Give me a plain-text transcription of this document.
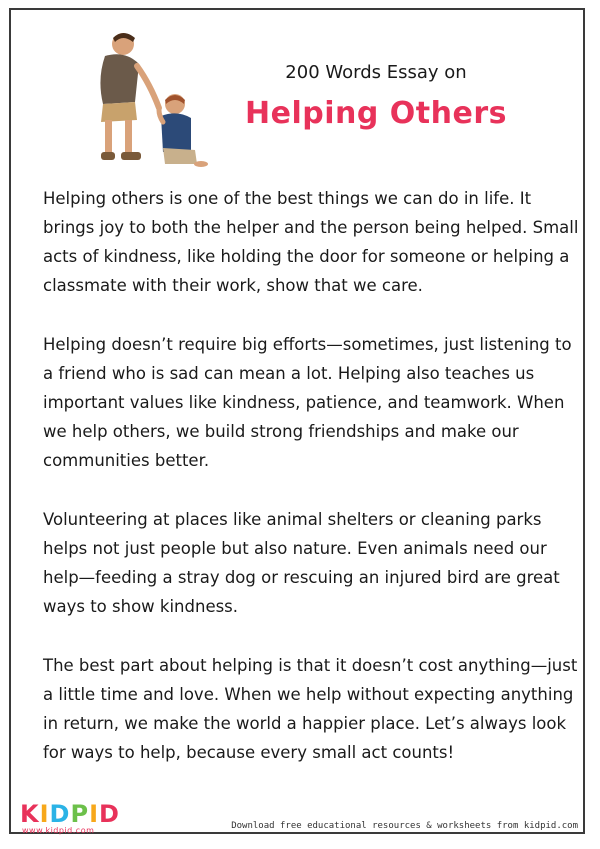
200 Words Essay on
Helping Others

Helping others is one of the best things we can do in life. It brings joy to both the helper and the person being helped. Small acts of kindness, like holding the door for someone or helping a classmate with their work, show that we care.

Helping doesn’t require big efforts—sometimes, just listening to a friend who is sad can mean a lot. Helping also teaches us important values like kindness, patience, and teamwork. When we help others, we build strong friendships and make our communities better.

Volunteering at places like animal shelters or cleaning parks helps not just people but also nature. Even animals need our help—feeding a stray dog or rescuing an injured bird are great ways to show kindness.

The best part about helping is that it doesn’t cost anything—just a little time and love. When we help without expecting anything in return, we make the world a happier place. Let’s always look for ways to help, because every small act counts!

KIDPID
www.kidpid.com	Download free educational resources & worksheets from kidpid.com
